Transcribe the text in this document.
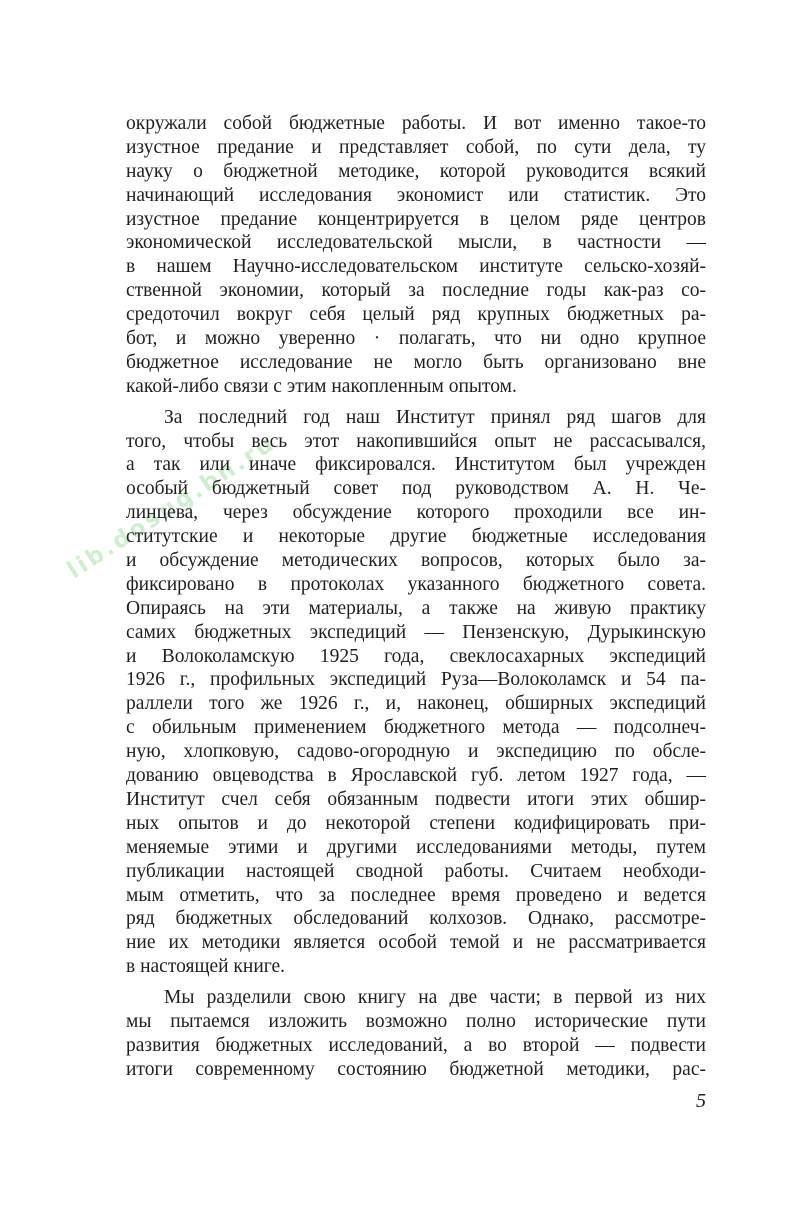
lib.dosug.bn.ru
окружали собой бюджетные работы. И вот именно такое-то
изустное предание и представляет собой, по сути дела, ту
науку о бюджетной методике, которой руководится всякий
начинающий исследования экономист или статистик. Это
изустное предание концентрируется в целом ряде центров
экономической исследовательской мысли, в частности —
в нашем Научно-исследовательском институте сельско-хозяй-
ственной экономии, который за последние годы как-раз со-
средоточил вокруг себя целый ряд крупных бюджетных ра-
бот, и можно уверенно · полагать, что ни одно крупное
бюджетное исследование не могло быть организовано вне
какой-либо связи с этим накопленным опытом.
За последний год наш Институт принял ряд шагов для
того, чтобы весь этот накопившийся опыт не рассасывался,
а так или иначе фиксировался. Институтом был учрежден
особый бюджетный совет под руководством А. Н. Че-
линцева, через обсуждение которого проходили все ин-
ститутские и некоторые другие бюджетные исследования
и обсуждение методических вопросов, которых было за-
фиксировано в протоколах указанного бюджетного совета.
Опираясь на эти материалы, а также на живую практику
самих бюджетных экспедиций — Пензенскую, Дурыкинскую
и Волоколамскую 1925 года, свеклосахарных экспедиций
1926 г., профильных экспедиций Руза—Волоколамск и 54 па-
раллели того же 1926 г., и, наконец, обширных экспедиций
с обильным применением бюджетного метода — подсолнеч-
ную, хлопковую, садово-огородную и экспедицию по обсле-
дованию овцеводства в Ярославской губ. летом 1927 года, —
Институт счел себя обязанным подвести итоги этих обшир-
ных опытов и до некоторой степени кодифицировать при-
меняемые этими и другими исследованиями методы, путем
публикации настоящей сводной работы. Считаем необходи-
мым отметить, что за последнее время проведено и ведется
ряд бюджетных обследований колхозов. Однако, рассмотре-
ние их методики является особой темой и не рассматривается
в настоящей книге.
Мы разделили свою книгу на две части; в первой из них
мы пытаемся изложить возможно полно исторические пути
развития бюджетных исследований, а во второй — подвести
итоги современному состоянию бюджетной методики, рас-
5
